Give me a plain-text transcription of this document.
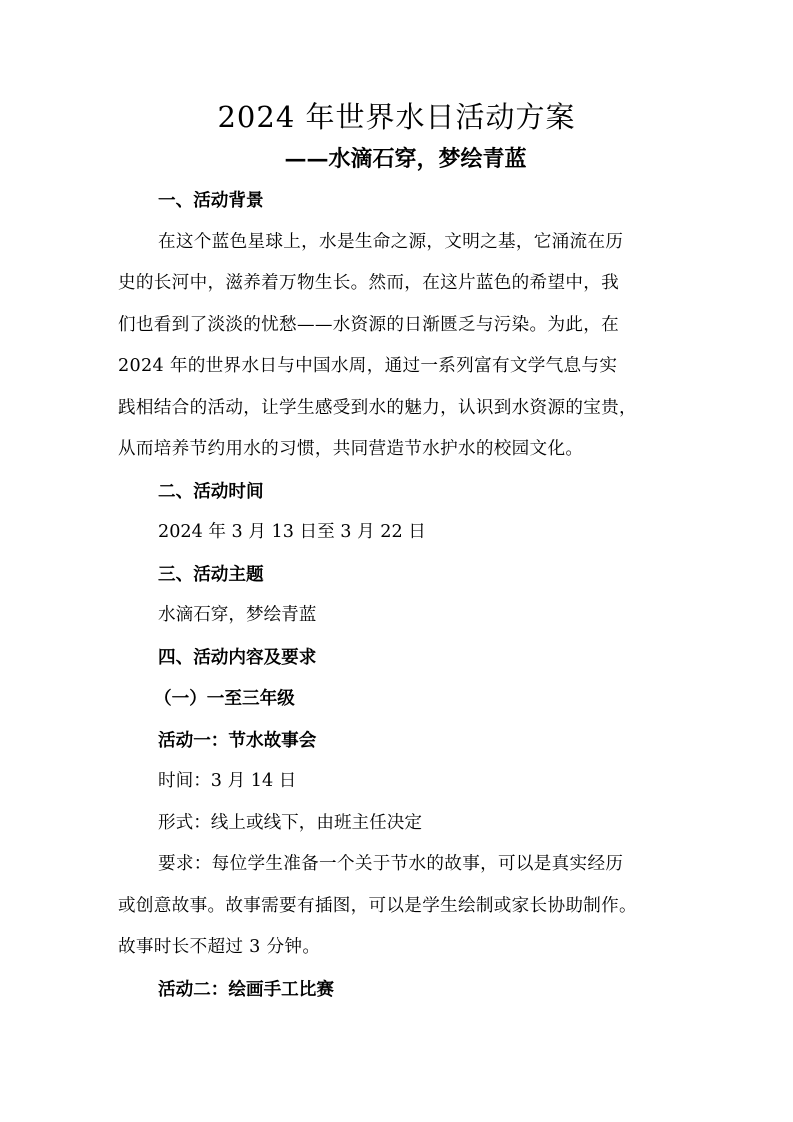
2024 年世界水日活动方案
——水滴石穿，梦绘青蓝

一、活动背景

在这个蓝色星球上，水是生命之源，文明之基，它涌流在历
史的长河中，滋养着万物生长。然而，在这片蓝色的希望中，我
们也看到了淡淡的忧愁——水资源的日渐匮乏与污染。为此，在
2024 年的世界水日与中国水周，通过一系列富有文学气息与实
践相结合的活动，让学生感受到水的魅力，认识到水资源的宝贵，
从而培养节约用水的习惯，共同营造节水护水的校园文化。

二、活动时间

2024 年 3 月 13 日至 3 月 22 日

三、活动主题

水滴石穿，梦绘青蓝

四、活动内容及要求

（一）一至三年级

活动一：节水故事会

时间：3 月 14 日

形式：线上或线下，由班主任决定

要求：每位学生准备一个关于节水的故事，可以是真实经历
或创意故事。故事需要有插图，可以是学生绘制或家长协助制作。
故事时长不超过 3 分钟。

活动二：绘画手工比赛
